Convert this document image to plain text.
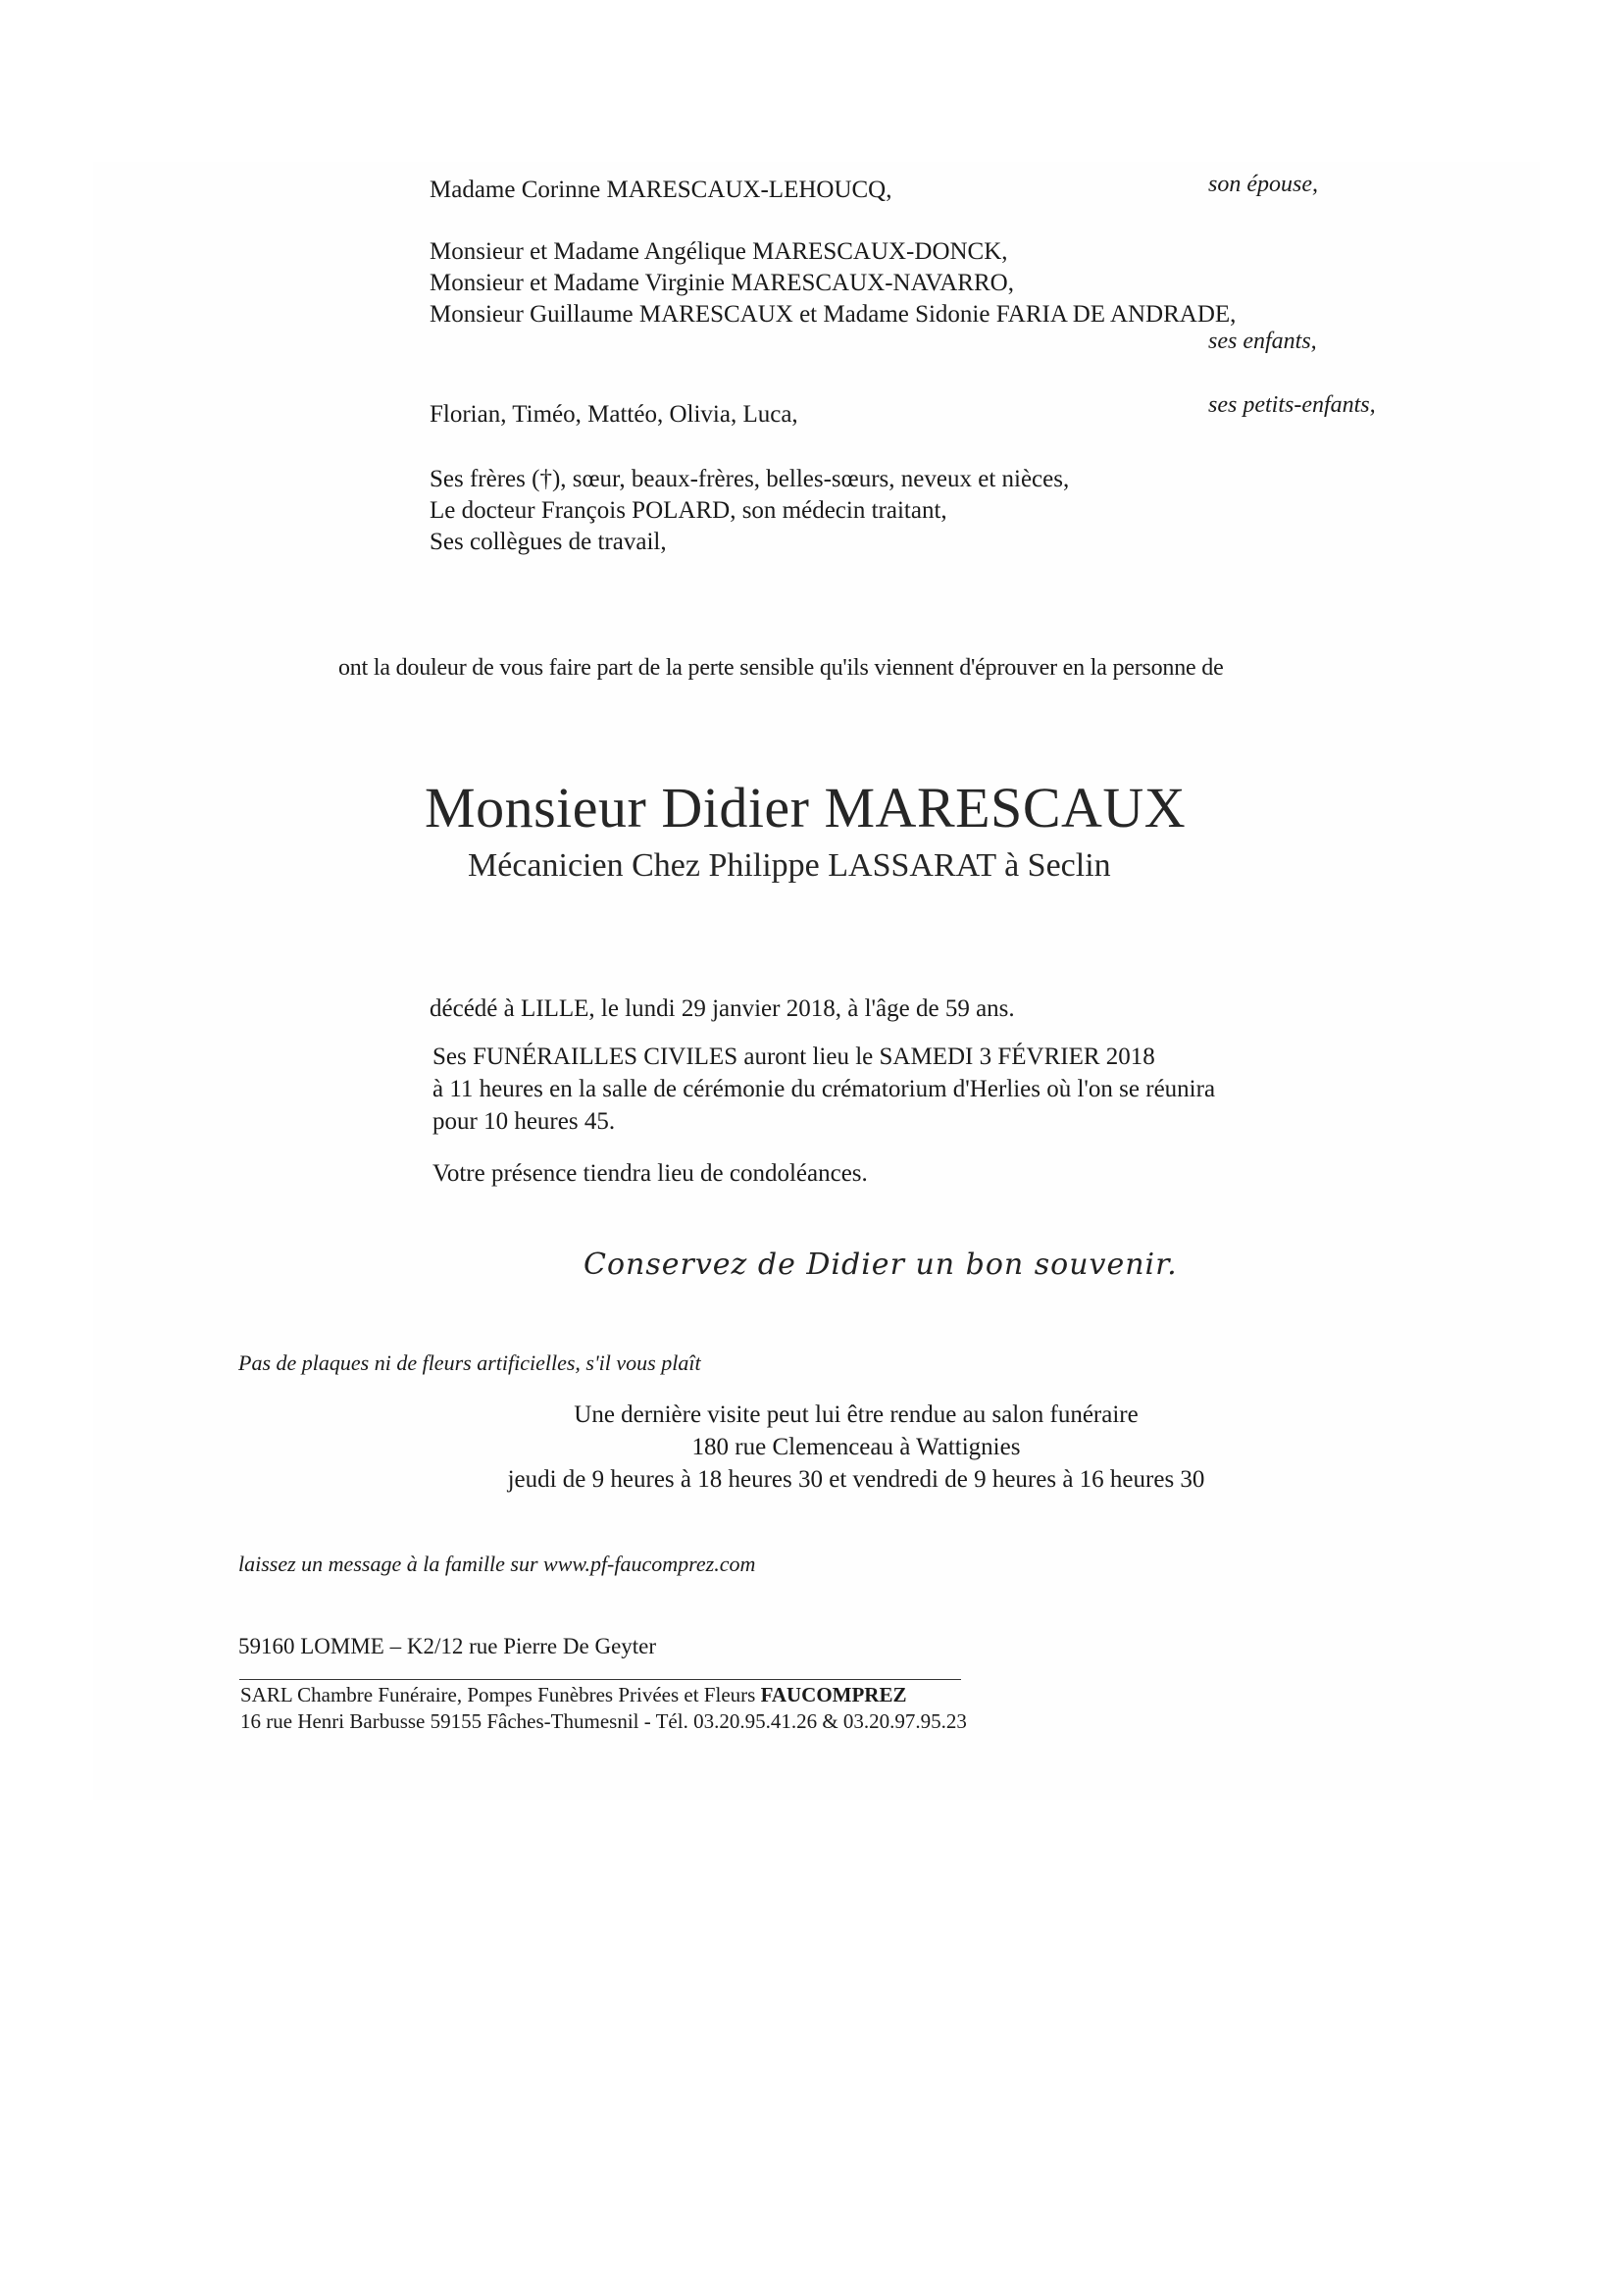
Madame Corinne MARESCAUX-LEHOUCQ,	son épouse,
Monsieur et Madame Angélique MARESCAUX-DONCK,
Monsieur et Madame Virginie MARESCAUX-NAVARRO,
Monsieur Guillaume MARESCAUX et Madame Sidonie FARIA DE ANDRADE,
ses enfants,
Florian, Timéo, Mattéo, Olivia, Luca,	ses petits-enfants,
Ses frères (†), sœur, beaux-frères, belles-sœurs, neveux et nièces,
Le docteur François POLARD, son médecin traitant,
Ses collègues de travail,
ont la douleur de vous faire part de la perte sensible qu'ils viennent d'éprouver en la personne de
Monsieur Didier MARESCAUX
Mécanicien Chez Philippe LASSARAT à Seclin
décédé à LILLE, le lundi 29 janvier 2018, à l'âge de 59 ans.
Ses FUNÉRAILLES CIVILES auront lieu le SAMEDI 3 FÉVRIER 2018
à 11 heures en la salle de cérémonie du crématorium d'Herlies où l'on se réunira
pour 10 heures 45.
Votre présence tiendra lieu de condoléances.
Conservez de Didier un bon souvenir.
Pas de plaques ni de fleurs artificielles, s'il vous plaît
Une dernière visite peut lui être rendue au salon funéraire
180 rue Clemenceau à Wattignies
jeudi de 9 heures à 18 heures 30 et vendredi de 9 heures à 16 heures 30
laissez un message à la famille sur www.pf-faucomprez.com
59160 LOMME – K2/12 rue Pierre De Geyter
SARL Chambre Funéraire, Pompes Funèbres Privées et Fleurs FAUCOMPREZ
16 rue Henri Barbusse 59155 Fâches-Thumesnil - Tél. 03.20.95.41.26 & 03.20.97.95.23
